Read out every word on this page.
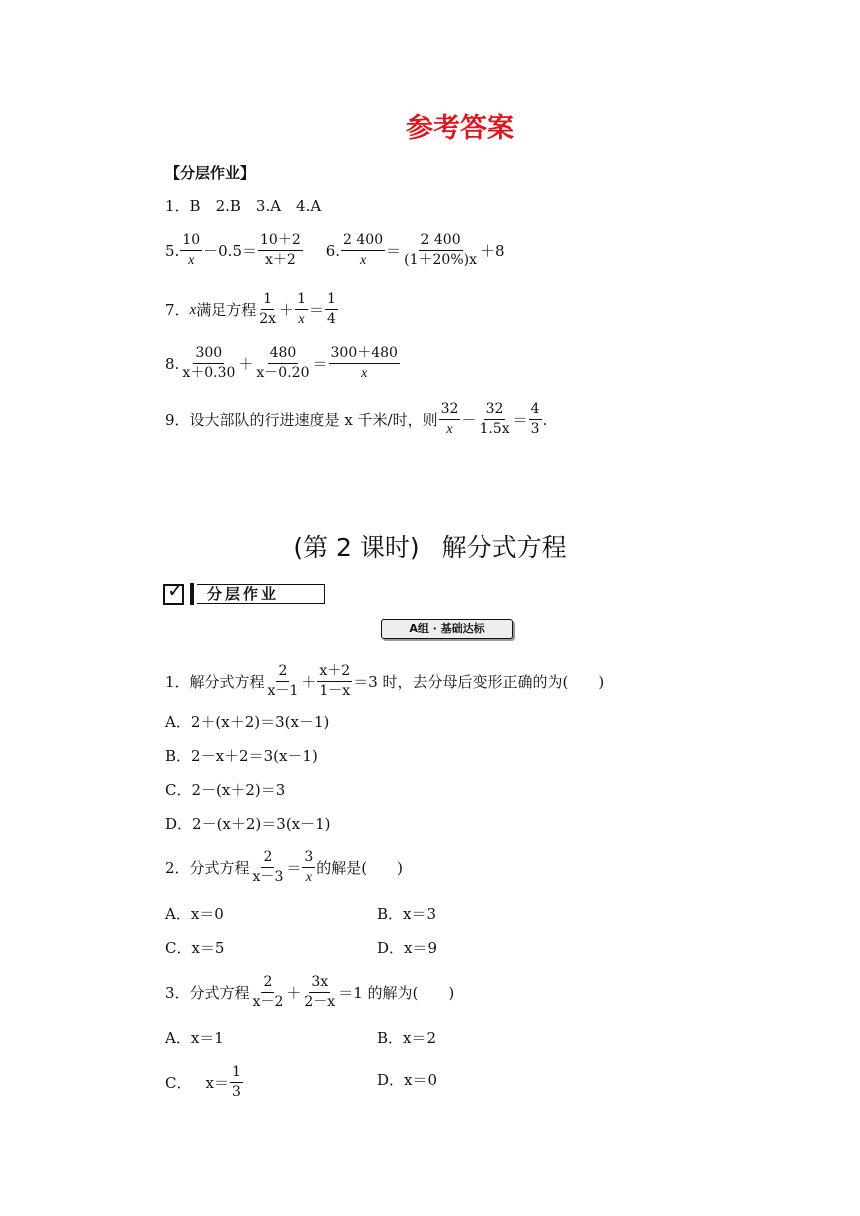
参考答案
【分层作业】
1．B　2.B　3.A　4.A
5. $\frac{10}{x} -0.5= \frac{10+2}{x+2} 6$. $\frac{2 400}{x} = \frac{2 400}{(1+20\%)x} +8$
7．x满足方程 $\frac{1}{2x} + \frac{1}{x} = \frac{1}{4}$
8. $\frac{300}{x+0.30} + \frac{480}{x-0.20} = \frac{300+480}{x}$
9．设大部队的行进速度是 x 千米/时，则 $\frac{32}{x} - \frac{32}{1.5x} = \frac{4}{3}$ .
(第 2 课时) 解分式方程
✓	分层作业
A组 · 基础达标
1．解分式方程 $\frac{2}{x-1} + \frac{x+2}{1-x} =3$ 时，去分母后变形正确的为(　　)
A．2＋(x＋2)＝3(x－1)
B．2－x＋2＝3(x－1)
C．2－(x＋2)＝3
D．2－(x＋2)＝3(x－1)
2．分式方程 $\frac{2}{x-3} = \frac{3}{x}$ 的解是(　　)
A．x＝0	B．x＝3
C．x＝5	D．x＝9
3．分式方程 $\frac{2}{x-2} + \frac{3x}{2-x} =1$ 的解为(　　)
A．x＝1	B．x＝2
C． $x= \frac{1}{3}$	D．x＝0
